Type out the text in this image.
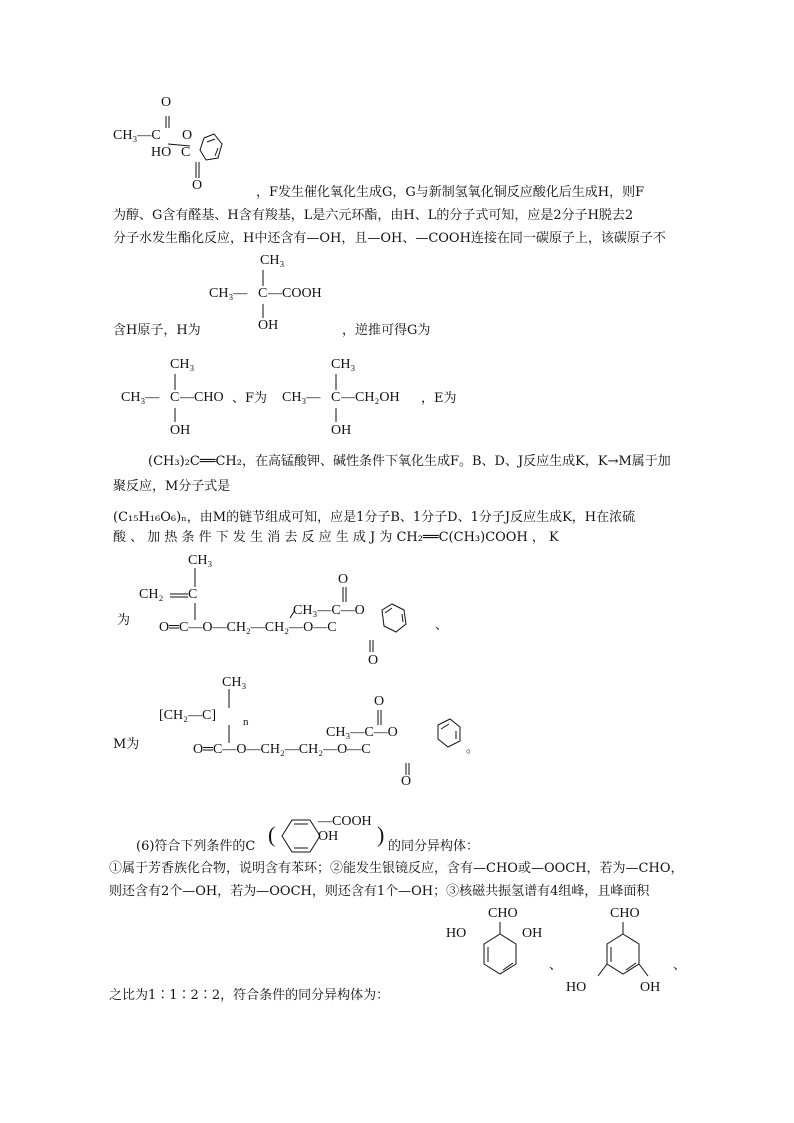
O
CH₃—C O
HO C
O	，F发生催化氧化生成G，G与新制氢氧化铜反应酸化后生成H，则F
为醇、G含有醛基、H含有羧基，L是六元环酯，由H、L的分子式可知，应是2分子H脱去2
分子水发生酯化反应，H中还含有—OH，且—OH、—COOH连接在同一碳原子上，该碳原子不
CH₃
CH₃— C —COOH
OH
含H原子，H为	，逆推可得G为
CH₃
CH₃— C —CHO
OH
、F为
CH₃
CH₃— C —CH₂OH
OH
，E为
(CH₃)₂C══CH₂，在高锰酸钾、碱性条件下氧化生成F。B、D、J反应生成K，K→M属于加
聚反应，M分子式是
(C₁₅H₁₆O₆)ₙ，由M的链节组成可知，应是1分子B、1分子D、1分子J反应生成K，H在浓硫
酸 、 加 热 条 件 下 发 生 消 去 反 应 生 成 J 为 CH₂══C(CH₃)COOH ， K
为
CH₃
CH₂ C
O
CH₃—C—O
O═C—O—CH₂—CH₂—O—C
O
、
M为
CH₃
[CH₂—C] n
O
CH₃—C—O
O═C—O—CH₂—CH₂—O—C
O
。
(6)符合下列条件的C (
—COOH
OH ) 的同分异构体：
①属于芳香族化合物，说明含有苯环；②能发生银镜反应，含有—CHO或—OOCH，若为—CHO，
则还含有2个—OH，若为—OOCH，则还含有1个—OH；③核磁共振氢谱有4组峰，且峰面积
CHO
HO	OH
、
CHO
HO	OH
、
之比为1∶1∶2∶2，符合条件的同分异构体为：
